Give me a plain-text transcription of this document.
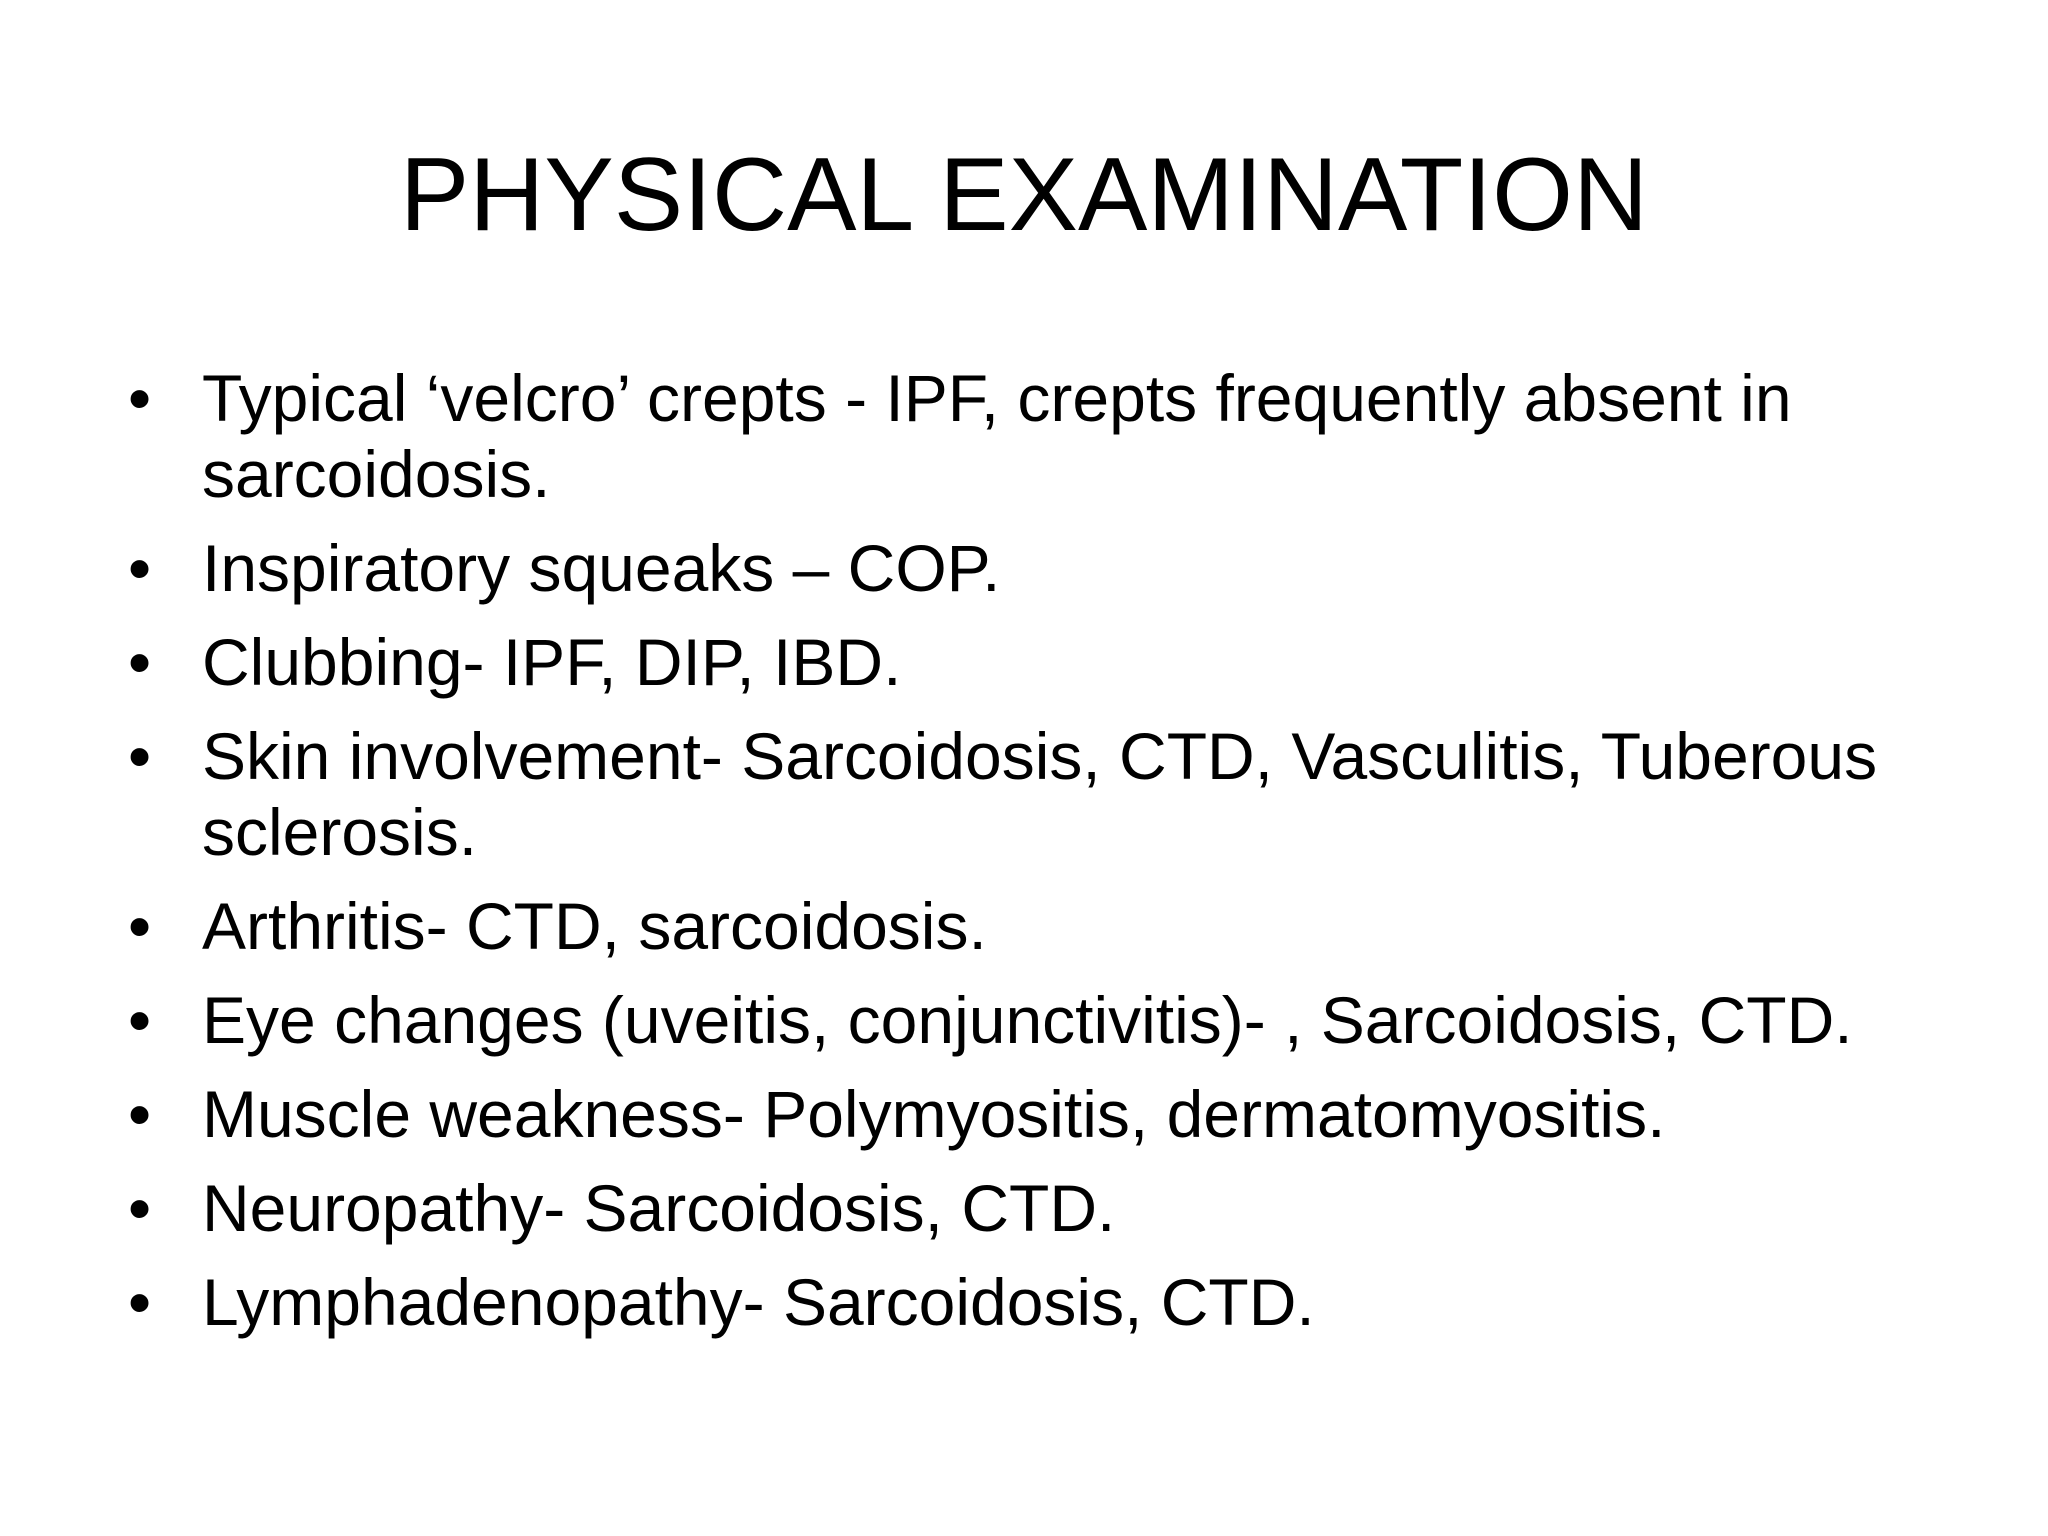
PHYSICAL EXAMINATION
• Typical ‘velcro’ crepts - IPF, crepts frequently absent in sarcoidosis.
• Inspiratory squeaks – COP.
• Clubbing- IPF, DIP, IBD.
• Skin involvement- Sarcoidosis, CTD, Vasculitis, Tuberous sclerosis.
• Arthritis- CTD, sarcoidosis.
• Eye changes (uveitis, conjunctivitis)- , Sarcoidosis, CTD.
• Muscle weakness- Polymyositis, dermatomyositis.
• Neuropathy- Sarcoidosis, CTD.
• Lymphadenopathy- Sarcoidosis, CTD.
